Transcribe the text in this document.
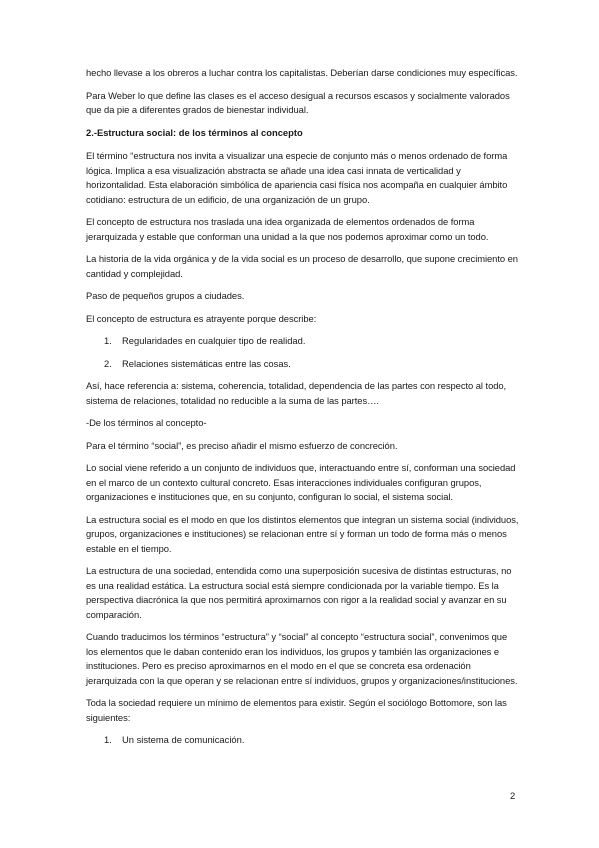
hecho llevase a los obreros a luchar contra los capitalistas. Deberían darse condiciones muy específicas.

Para Weber lo que define las clases es el acceso desigual a recursos escasos y socialmente valorados que da pie a diferentes grados de bienestar individual.

2.-Estructura social: de los términos al concepto

El término “estructura nos invita a visualizar una especie de conjunto más o menos ordenado de forma lógica. Implica a esa visualización abstracta se añade una idea casi innata de verticalidad y horizontalidad. Esta elaboración simbólica de apariencia casi física nos acompaña en cualquier ámbito cotidiano: estructura de un edificio, de una organización de un grupo.

El concepto de estructura nos traslada una idea organizada de elementos ordenados de forma jerarquizada y estable que conforman una unidad a la que nos podemos aproximar como un todo.

La historia de la vida orgánica y de la vida social es un proceso de desarrollo, que supone crecimiento en cantidad y complejidad.

Paso de pequeños grupos a ciudades.

El concepto de estructura es atrayente porque describe:

1. Regularidades en cualquier tipo de realidad.
2. Relaciones sistemáticas entre las cosas.

Así, hace referencia a: sistema, coherencia, totalidad, dependencia de las partes con respecto al todo, sistema de relaciones, totalidad no reducible a la suma de las partes….

-De los términos al concepto-

Para el término “social”, es preciso añadir el mismo esfuerzo de concreción.

Lo social viene referido a un conjunto de individuos que, interactuando entre sí, conforman una sociedad en el marco de un contexto cultural concreto. Esas interacciones individuales configuran grupos, organizaciones e instituciones que, en su conjunto, configuran lo social, el sistema social.

La estructura social es el modo en que los distintos elementos que integran un sistema social (individuos, grupos, organizaciones e instituciones) se relacionan entre sí y forman un todo de forma más o menos estable en el tiempo.

La estructura de una sociedad, entendida como una superposición sucesiva de distintas estructuras, no es una realidad estática. La estructura social está siempre condicionada por la variable tiempo. Es la perspectiva diacrónica la que nos permitirá aproximarnos con rigor a la realidad social y avanzar en su comparación.

Cuando traducimos los términos “estructura” y “social” al concepto “estructura social”, convenimos que los elementos que le daban contenido eran los individuos, los grupos y también las organizaciones e instituciones. Pero es preciso aproximarnos en el modo en el que se concreta esa ordenación jerarquizada con la que operan y se relacionan entre sí individuos, grupos y organizaciones/instituciones.

Toda la sociedad requiere un mínimo de elementos para existir. Según el sociólogo Bottomore, son las siguientes:

1. Un sistema de comunicación.
2
